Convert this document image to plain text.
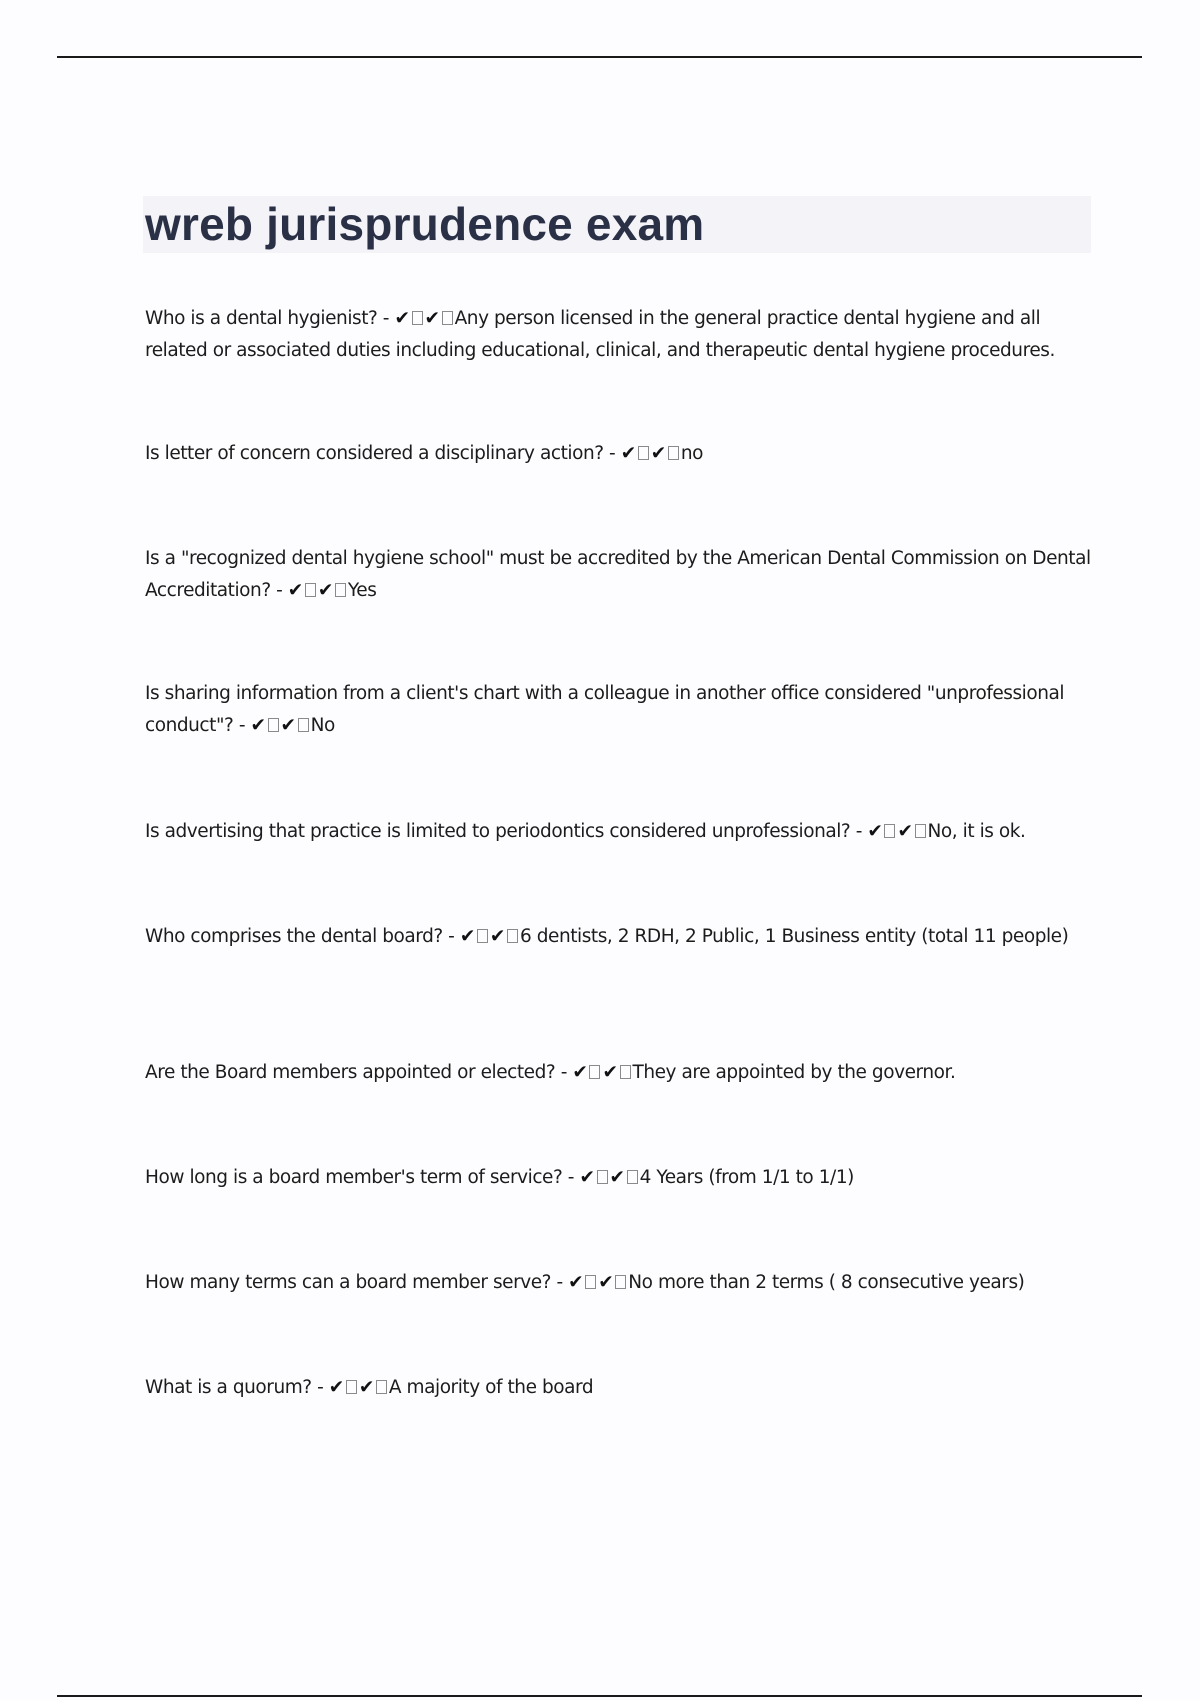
wreb jurisprudence exam

Who is a dental hygienist? - ✔ ✔ Any person licensed in the general practice dental hygiene and all related or associated duties including educational, clinical, and therapeutic dental hygiene procedures.

Is letter of concern considered a disciplinary action? - ✔ ✔ no

Is a "recognized dental hygiene school" must be accredited by the American Dental Commission on Dental Accreditation? - ✔ ✔ Yes

Is sharing information from a client's chart with a colleague in another office considered "unprofessional conduct"? - ✔ ✔ No

Is advertising that practice is limited to periodontics considered unprofessional? - ✔ ✔ No, it is ok.

Who comprises the dental board? - ✔ ✔ 6 dentists, 2 RDH, 2 Public, 1 Business entity (total 11 people)

Are the Board members appointed or elected? - ✔ ✔ They are appointed by the governor.

How long is a board member's term of service? - ✔ ✔ 4 Years (from 1/1 to 1/1)

How many terms can a board member serve? - ✔ ✔ No more than 2 terms ( 8 consecutive years)

What is a quorum? - ✔ ✔ A majority of the board
